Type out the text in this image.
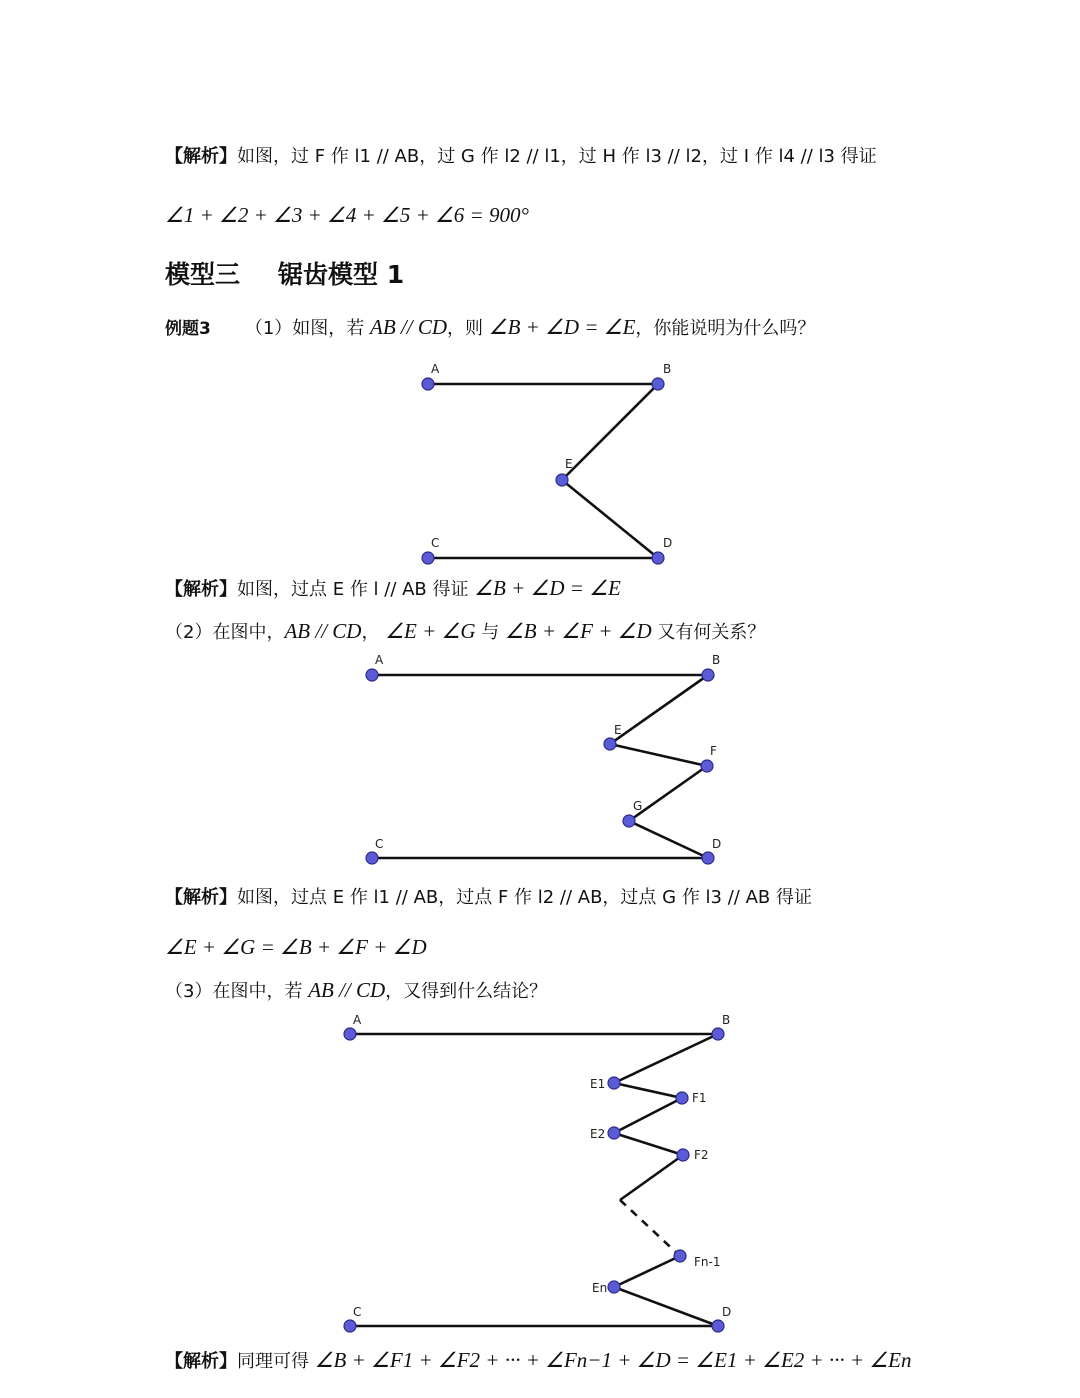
【解析】如图，过 F 作 l1 // AB，过 G 作 l2 // l1，过 H 作 l3 // l2，过 I 作 l4 // l3 得证
∠1 + ∠2 + ∠3 + ∠4 + ∠5 + ∠6 = 900°
模型三 锯齿模型 1
例题3 （1）如图，若 AB // CD，则 ∠B + ∠D = ∠E，你能说明为什么吗？
A	B
E
C	D
【解析】如图，过点 E 作 l // AB 得证 ∠B + ∠D = ∠E
（2）在图中，AB // CD， ∠E + ∠G 与 ∠B + ∠F + ∠D 又有何关系？
A	B
E
F
G
C	D
【解析】如图，过点 E 作 l1 // AB，过点 F 作 l2 // AB，过点 G 作 l3 // AB 得证
∠E + ∠G = ∠B + ∠F + ∠D
（3）在图中，若 AB // CD，又得到什么结论？
A	B
E1
F1
E2
F2
Fn-1
En
C	D
【解析】同理可得 ∠B + ∠F1 + ∠F2 + ··· + ∠Fn−1 + ∠D = ∠E1 + ∠E2 + ··· + ∠En
